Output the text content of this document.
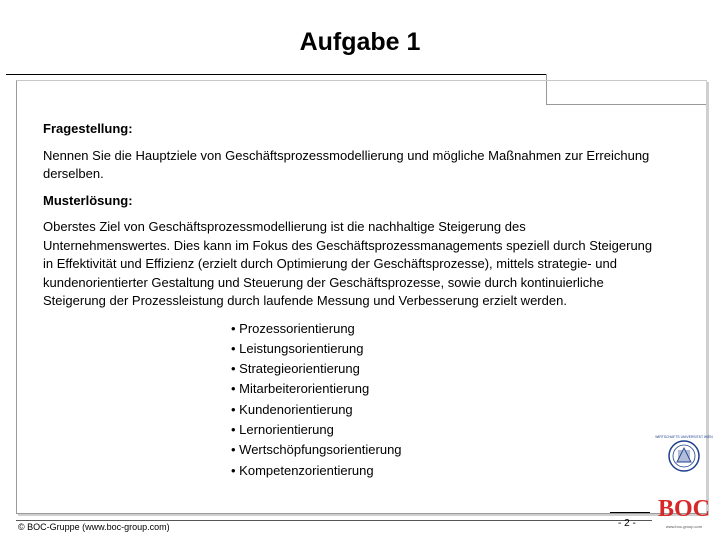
Aufgabe 1
Fragestellung:
Nennen Sie die Hauptziele von Geschäftsprozessmodellierung und mögliche Maßnahmen zur Erreichung derselben.
Musterlösung:
Oberstes Ziel von Geschäftsprozessmodellierung ist die nachhaltige Steigerung des Unternehmenswertes. Dies kann im Fokus des Geschäftsprozessmanagements speziell durch Steigerung in Effektivität und Effizienz (erzielt durch Optimierung der Geschäftsprozesse), mittels strategie- und kundenorientierter Gestaltung und Steuerung der Geschäftsprozesse, sowie durch kontinuierliche Steigerung der Prozessleistung durch laufende Messung und Verbesserung erzielt werden.
• Prozessorientierung
• Leistungsorientierung
• Strategieorientierung
• Mitarbeiterorientierung
• Kundenorientierung
• Lernorientierung
• Wertschöpfungsorientierung
• Kompetenzorientierung
WIRTSCHAFTS UNIVERSITÄT WIEN
BOC
www.boc-group.com
© BOC-Gruppe (www.boc-group.com)	- 2 -
